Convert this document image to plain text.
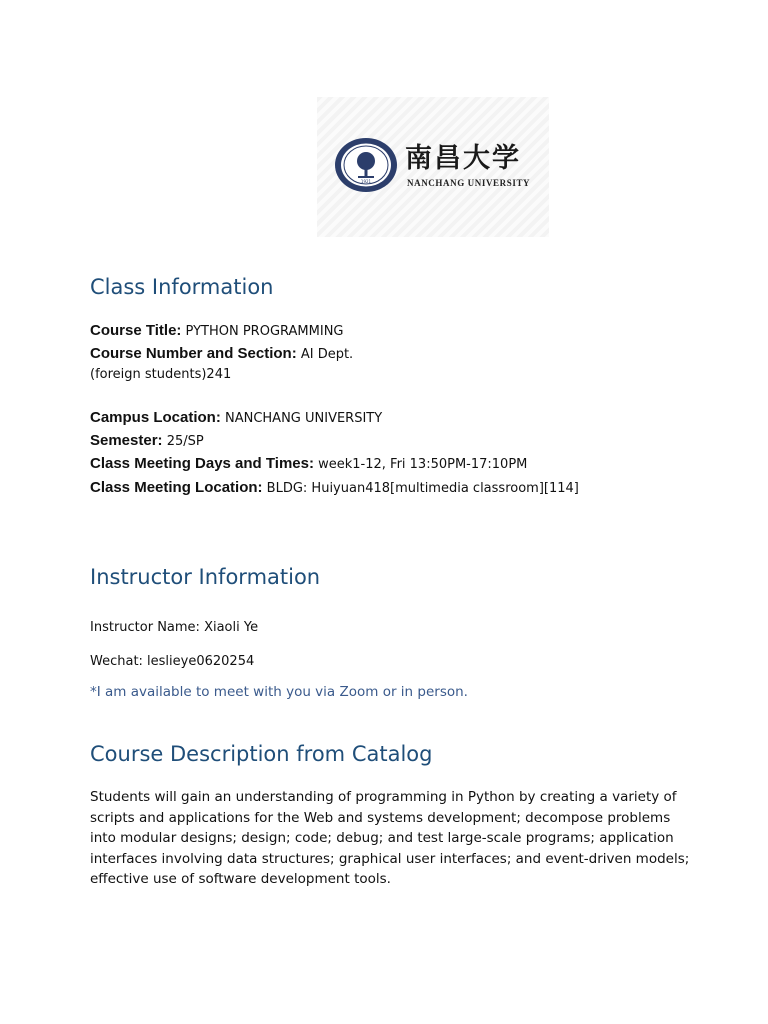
1921
南昌大学
NANCHANG UNIVERSITY
Class Information

Course Title: PYTHON PROGRAMMING

Course Number and Section: AI Dept.

(foreign students)241

Campus Location: NANCHANG UNIVERSITY

Semester: 25/SP

Class Meeting Days and Times: week1-12, Fri 13:50PM-17:10PM

Class Meeting Location: BLDG: Huiyuan418[multimedia classroom][114]

Instructor Information

Instructor Name: Xiaoli Ye

Wechat: leslieye0620254

*I am available to meet with you via Zoom or in person.

Course Description from Catalog
Students will gain an understanding of programming in Python by creating a variety of
scripts and applications for the Web and systems development; decompose problems
into modular designs; design; code; debug; and test large-scale programs; application
interfaces involving data structures; graphical user interfaces; and event-driven models;
effective use of software development tools.
